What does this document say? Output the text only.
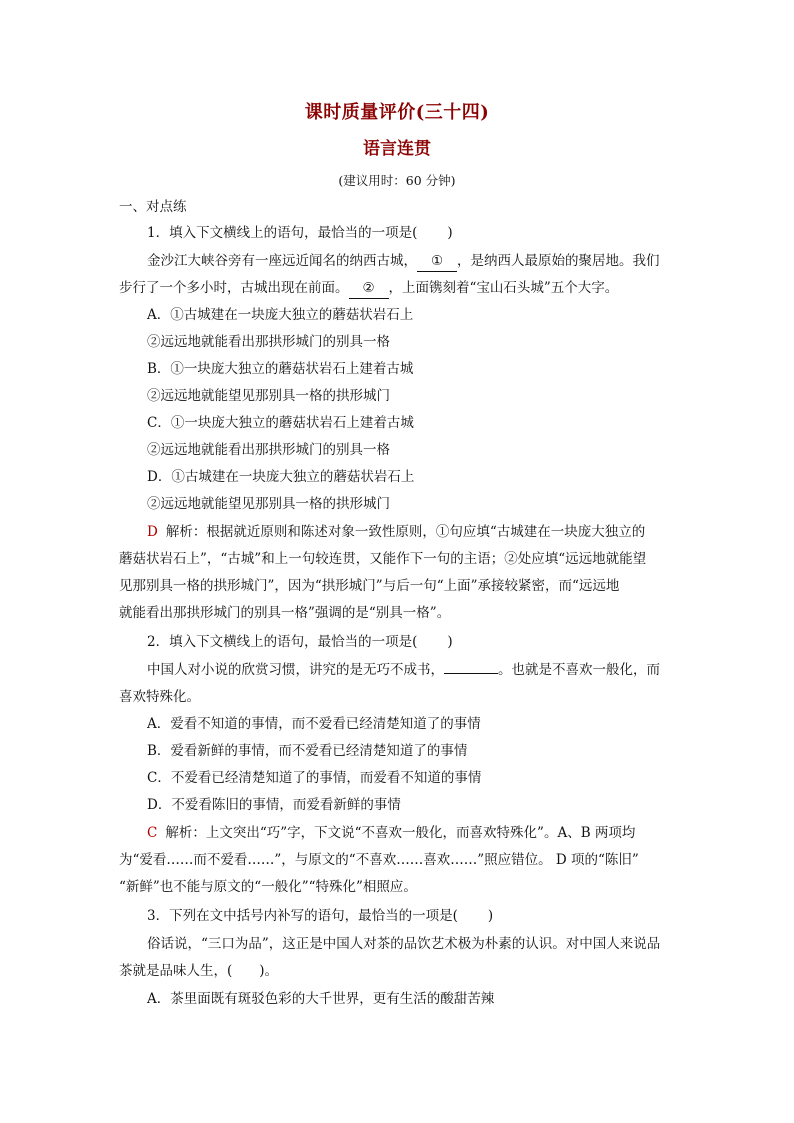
课时质量评价(三十四)
语言连贯
(建议用时：60 分钟)
一、对点练
1．填入下文横线上的语句，最恰当的一项是( )
金沙江大峡谷旁有一座远近闻名的纳西古城， ① ，是纳西人最原始的聚居地。我们
步行了一个多小时，古城出现在前面。 ② ，上面镌刻着“宝山石头城”五个大字。
A．①古城建在一块庞大独立的蘑菇状岩石上
②远远地就能看出那拱形城门的别具一格
B．①一块庞大独立的蘑菇状岩石上建着古城
②远远地就能望见那别具一格的拱形城门
C．①一块庞大独立的蘑菇状岩石上建着古城
②远远地就能看出那拱形城门的别具一格
D．①古城建在一块庞大独立的蘑菇状岩石上
②远远地就能望见那别具一格的拱形城门
D 解析：根据就近原则和陈述对象一致性原则，①句应填“古城建在一块庞大独立的
蘑菇状岩石上”，“古城”和上一句较连贯，又能作下一句的主语；②处应填“远远地就能望
见那别具一格的拱形城门”，因为“拱形城门”与后一句“上面”承接较紧密，而“远远地
就能看出那拱形城门的别具一格”强调的是“别具一格”。
2．填入下文横线上的语句，最恰当的一项是( )
中国人对小说的欣赏习惯，讲究的是无巧不成书，	。也就是不喜欢一般化，而
喜欢特殊化。
A．爱看不知道的事情，而不爱看已经清楚知道了的事情
B．爱看新鲜的事情，而不爱看已经清楚知道了的事情
C．不爱看已经清楚知道了的事情，而爱看不知道的事情
D．不爱看陈旧的事情，而爱看新鲜的事情
C 解析：上文突出“巧”字，下文说“不喜欢一般化，而喜欢特殊化”。A、B 两项均
为“爱看……而不爱看……”，与原文的“不喜欢……喜欢……”照应错位。 D 项的“陈旧”
“新鲜”也不能与原文的“一般化”“特殊化”相照应。
3．下列在文中括号内补写的语句，最恰当的一项是( )
俗话说，“三口为品”，这正是中国人对茶的品饮艺术极为朴素的认识。对中国人来说品
茶就是品味人生，(　　)。
A．茶里面既有斑驳色彩的大千世界，更有生活的酸甜苦辣
